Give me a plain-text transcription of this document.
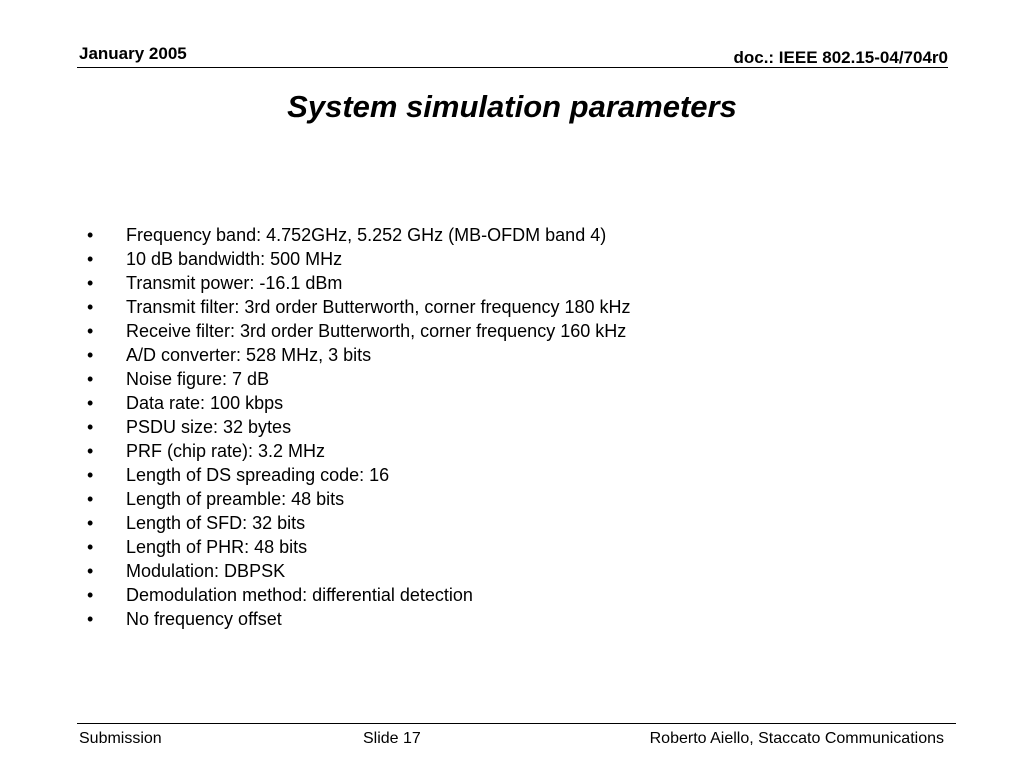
January 2005	doc.: IEEE 802.15-04/704r0
System simulation parameters
• Frequency band: 4.752GHz, 5.252 GHz (MB-OFDM band 4)
• 10 dB bandwidth: 500 MHz
• Transmit power: -16.1 dBm
• Transmit filter: 3rd order Butterworth, corner frequency 180 kHz
• Receive filter: 3rd order Butterworth, corner frequency 160 kHz
• A/D converter: 528 MHz, 3 bits
• Noise figure: 7 dB
• Data rate: 100 kbps
• PSDU size: 32 bytes
• PRF (chip rate): 3.2 MHz
• Length of DS spreading code: 16
• Length of preamble: 48 bits
• Length of SFD: 32 bits
• Length of PHR: 48 bits
• Modulation: DBPSK
• Demodulation method: differential detection
• No frequency offset
Submission	Slide 17	Roberto Aiello, Staccato Communications
